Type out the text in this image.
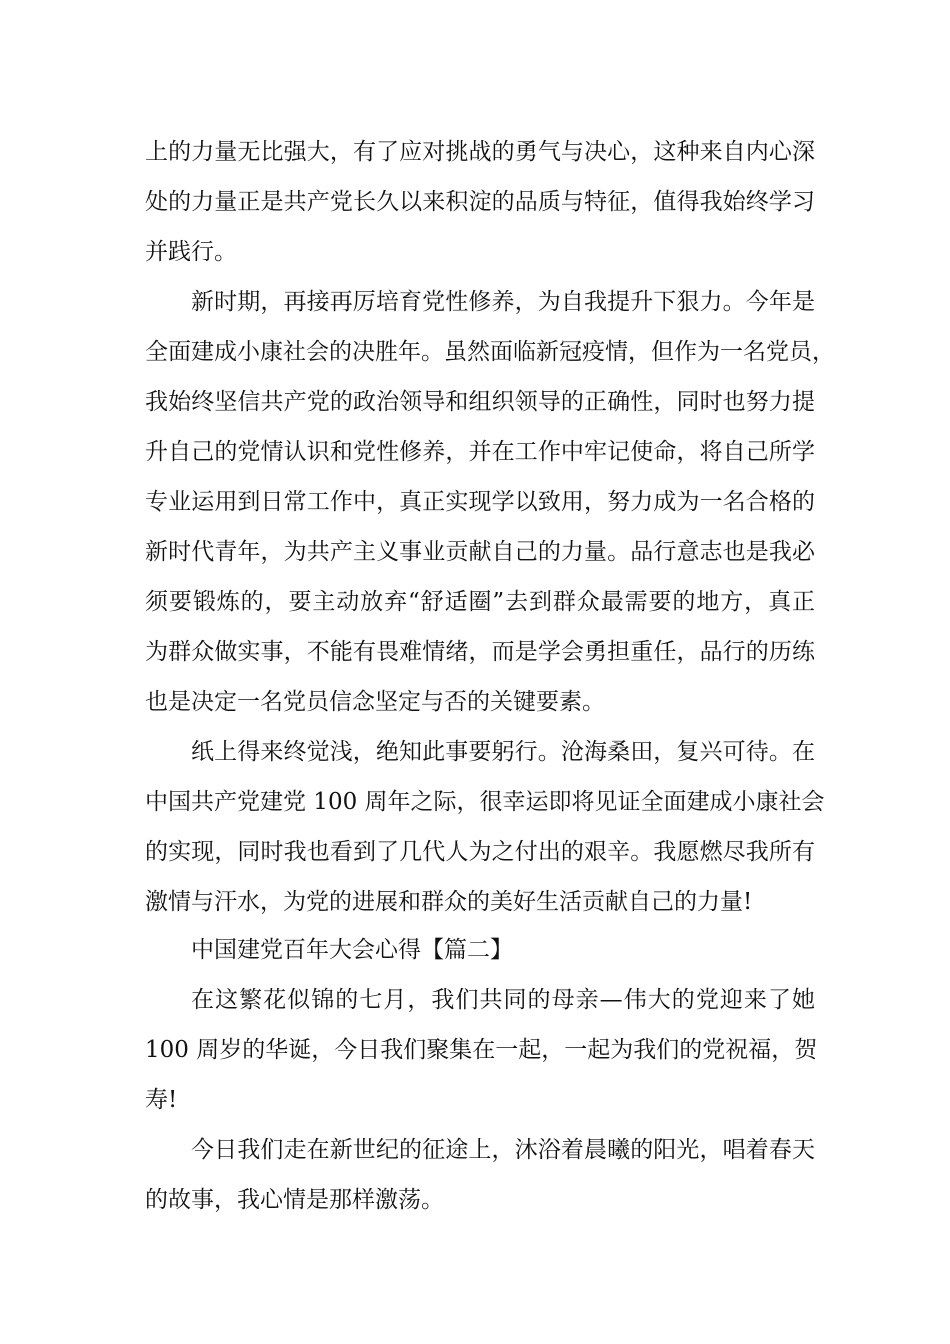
上的力量无比强大，有了应对挑战的勇气与决心，这种来自内心深
处的力量正是共产党长久以来积淀的品质与特征，值得我始终学习
并践行。
新时期，再接再厉培育党性修养，为自我提升下狠力。今年是
全面建成小康社会的决胜年。虽然面临新冠疫情，但作为一名党员，
我始终坚信共产党的政治领导和组织领导的正确性，同时也努力提
升自己的党情认识和党性修养，并在工作中牢记使命，将自己所学
专业运用到日常工作中，真正实现学以致用，努力成为一名合格的
新时代青年，为共产主义事业贡献自己的力量。品行意志也是我必
须要锻炼的，要主动放弃“舒适圈”去到群众最需要的地方，真正
为群众做实事，不能有畏难情绪，而是学会勇担重任，品行的历练
也是决定一名党员信念坚定与否的关键要素。
纸上得来终觉浅，绝知此事要躬行。沧海桑田，复兴可待。在
中国共产党建党 100 周年之际，很幸运即将见证全面建成小康社会
的实现，同时我也看到了几代人为之付出的艰辛。我愿燃尽我所有
激情与汗水，为党的进展和群众的美好生活贡献自己的力量!
中国建党百年大会心得【篇二】
在这繁花似锦的七月，我们共同的母亲—伟大的党迎来了她
100 周岁的华诞，今日我们聚集在一起，一起为我们的党祝福，贺
寿!
今日我们走在新世纪的征途上，沐浴着晨曦的阳光，唱着春天
的故事，我心情是那样激荡。
